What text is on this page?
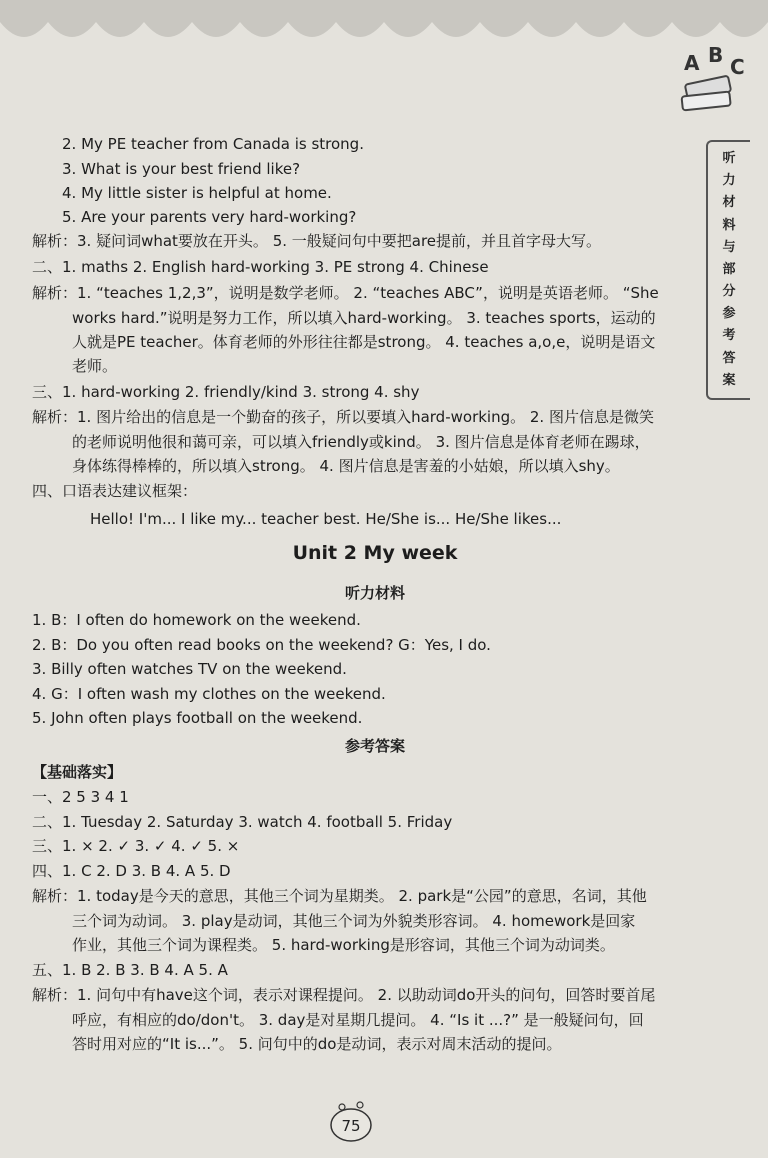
A B C
听
力
材
料
与
部
分
参
考
答
案
2. My PE teacher from Canada is strong.
3. What is your best friend like?
4. My little sister is helpful at home.
5. Are your parents very hard-working?
解析：3. 疑问词what要放在开头。 5. 一般疑问句中要把are提前，并且首字母大写。
二、1. maths 2. English hard-working 3. PE strong 4. Chinese
解析：1. “teaches 1,2,3”，说明是数学老师。 2. “teaches ABC”，说明是英语老师。 “She
works hard.”说明是努力工作，所以填入hard-working。 3. teaches sports，运动的
人就是PE teacher。体育老师的外形往往都是strong。 4. teaches a,o,e，说明是语文
老师。
三、1. hard-working 2. friendly/kind 3. strong 4. shy
解析：1. 图片给出的信息是一个勤奋的孩子，所以要填入hard-working。 2. 图片信息是微笑
的老师说明他很和蔼可亲，可以填入friendly或kind。 3. 图片信息是体育老师在踢球，
身体练得棒棒的，所以填入strong。 4. 图片信息是害羞的小姑娘，所以填入shy。
四、口语表达建议框架：
Hello! I'm... I like my... teacher best. He/She is... He/She likes...
Unit 2 My week
听力材料
1. B：I often do homework on the weekend.
2. B：Do you often read books on the weekend? G：Yes, I do.
3. Billy often watches TV on the weekend.
4. G：I often wash my clothes on the weekend.
5. John often plays football on the weekend.
参考答案
【基础落实】
一、2 5 3 4 1
二、1. Tuesday 2. Saturday 3. watch 4. football 5. Friday
三、1. × 2. ✓ 3. ✓ 4. ✓ 5. ×
四、1. C 2. D 3. B 4. A 5. D
解析：1. today是今天的意思，其他三个词为星期类。 2. park是“公园”的意思，名词，其他
三个词为动词。 3. play是动词，其他三个词为外貌类形容词。 4. homework是回家
作业，其他三个词为课程类。 5. hard-working是形容词，其他三个词为动词类。
五、1. B 2. B 3. B 4. A 5. A
解析：1. 问句中有have这个词，表示对课程提问。 2. 以助动词do开头的问句，回答时要首尾
呼应，有相应的do/don't。 3. day是对星期几提问。 4. “Is it ...?” 是一般疑问句，回
答时用对应的“It is...”。 5. 问句中的do是动词，表示对周末活动的提问。
75
